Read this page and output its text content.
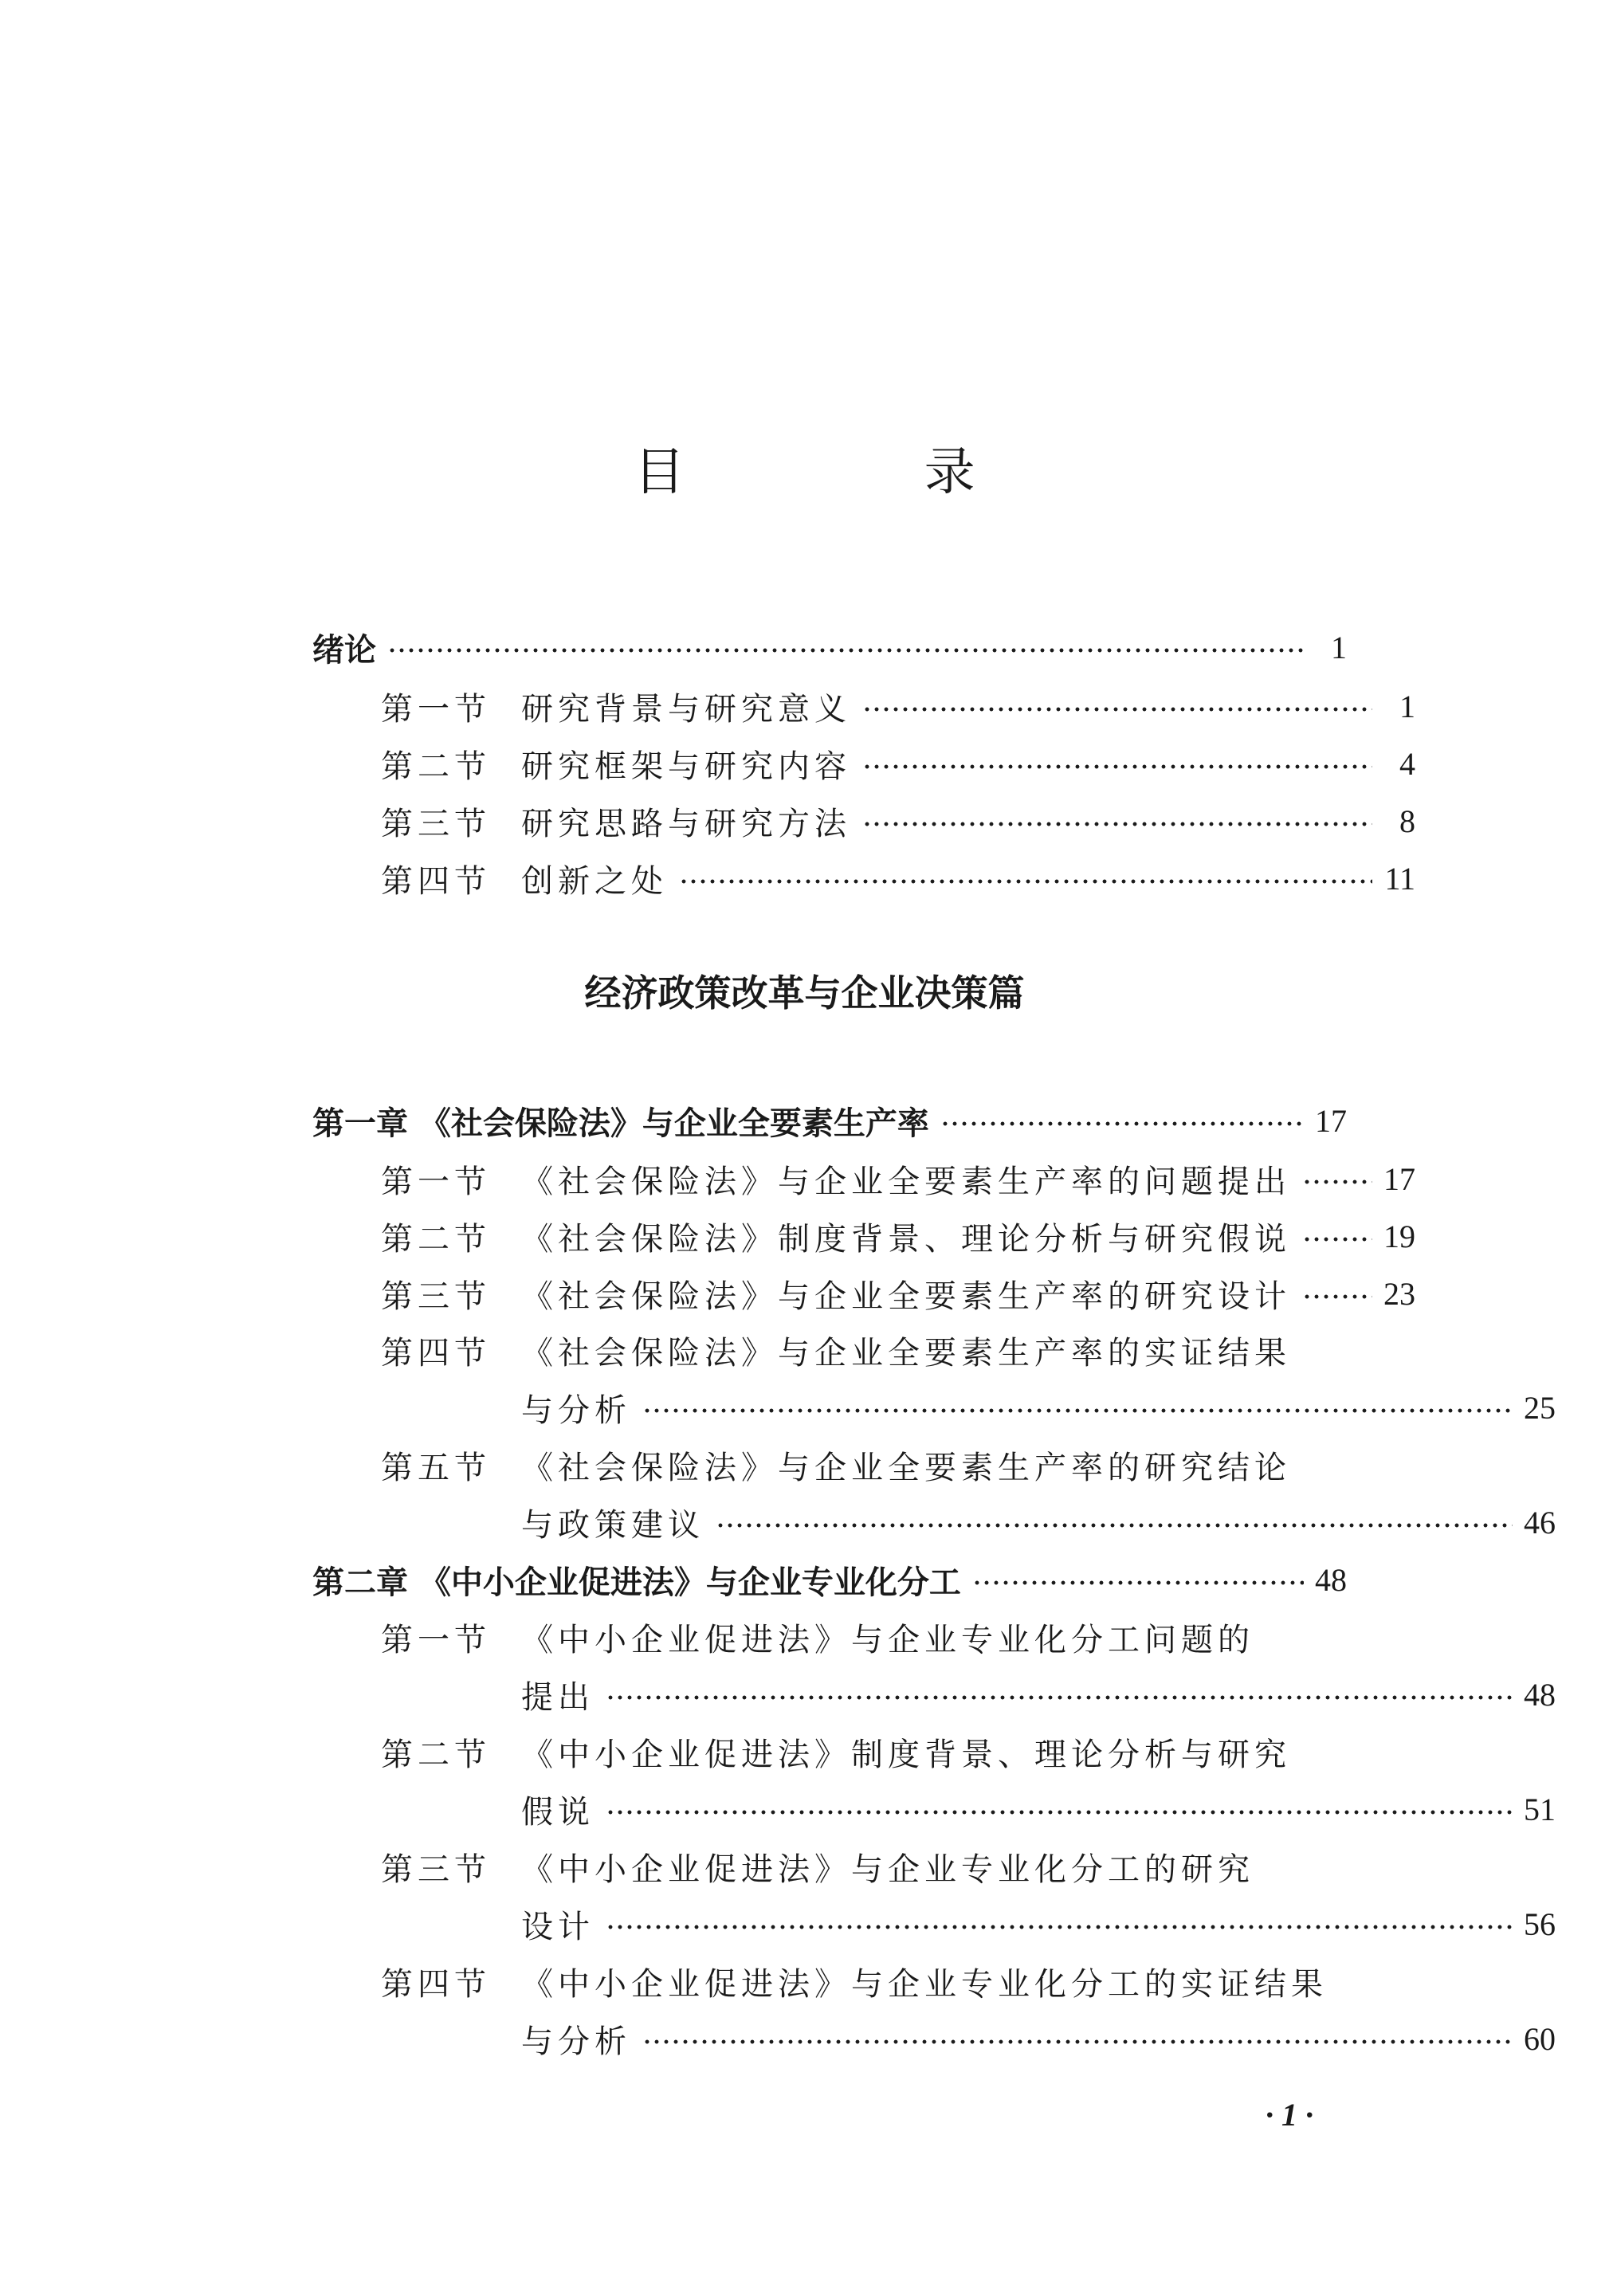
目 录
绪论	1
第一节 研究背景与研究意义	1
第二节 研究框架与研究内容	4
第三节 研究思路与研究方法	8
第四节 创新之处	11
经济政策改革与企业决策篇
第一章 《社会保险法》与企业全要素生产率	17
第一节 《社会保险法》与企业全要素生产率的问题提出	17
第二节 《社会保险法》制度背景、理论分析与研究假说	19
第三节 《社会保险法》与企业全要素生产率的研究设计	23
第四节 《社会保险法》与企业全要素生产率的实证结果
与分析	25
第五节 《社会保险法》与企业全要素生产率的研究结论
与政策建议	46
第二章 《中小企业促进法》与企业专业化分工	48
第一节 《中小企业促进法》与企业专业化分工问题的
提出	48
第二节 《中小企业促进法》制度背景、理论分析与研究
假说	51
第三节 《中小企业促进法》与企业专业化分工的研究
设计	56
第四节 《中小企业促进法》与企业专业化分工的实证结果
与分析	60
· 1 ·
